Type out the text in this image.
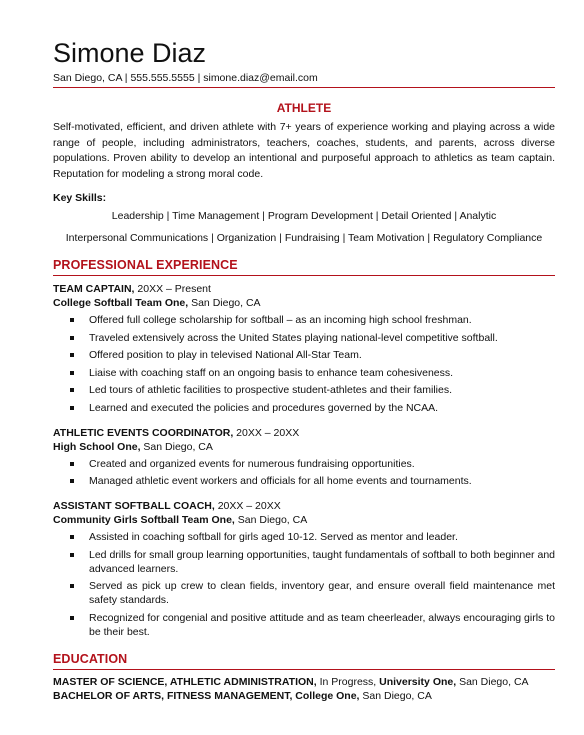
Simone Diaz
San Diego, CA | 555.555.5555 | simone.diaz@email.com
ATHLETE
Self-motivated, efficient, and driven athlete with 7+ years of experience working and playing across a wide range of people, including administrators, teachers, coaches, students, and parents, across diverse populations. Proven ability to develop an intentional and purposeful approach to athletics as team captain. Reputation for modeling a strong moral code.
Key Skills:
Leadership | Time Management | Program Development | Detail Oriented | Analytic
Interpersonal Communications | Organization | Fundraising | Team Motivation | Regulatory Compliance
PROFESSIONAL EXPERIENCE
TEAM CAPTAIN, 20XX – Present
College Softball Team One, San Diego, CA
Offered full college scholarship for softball – as an incoming high school freshman.
Traveled extensively across the United States playing national-level competitive softball.
Offered position to play in televised National All-Star Team.
Liaise with coaching staff on an ongoing basis to enhance team cohesiveness.
Led tours of athletic facilities to prospective student-athletes and their families.
Learned and executed the policies and procedures governed by the NCAA.
ATHLETIC EVENTS COORDINATOR, 20XX – 20XX
High School One, San Diego, CA
Created and organized events for numerous fundraising opportunities.
Managed athletic event workers and officials for all home events and tournaments.
ASSISTANT SOFTBALL COACH, 20XX – 20XX
Community Girls Softball Team One, San Diego, CA
Assisted in coaching softball for girls aged 10-12. Served as mentor and leader.
Led drills for small group learning opportunities, taught fundamentals of softball to both beginner and advanced learners.
Served as pick up crew to clean fields, inventory gear, and ensure overall field maintenance met safety standards.
Recognized for congenial and positive attitude and as team cheerleader, always encouraging girls to be their best.
EDUCATION
MASTER OF SCIENCE, ATHLETIC ADMINISTRATION, In Progress, University One, San Diego, CA
BACHELOR OF ARTS, FITNESS MANAGEMENT, College One, San Diego, CA
